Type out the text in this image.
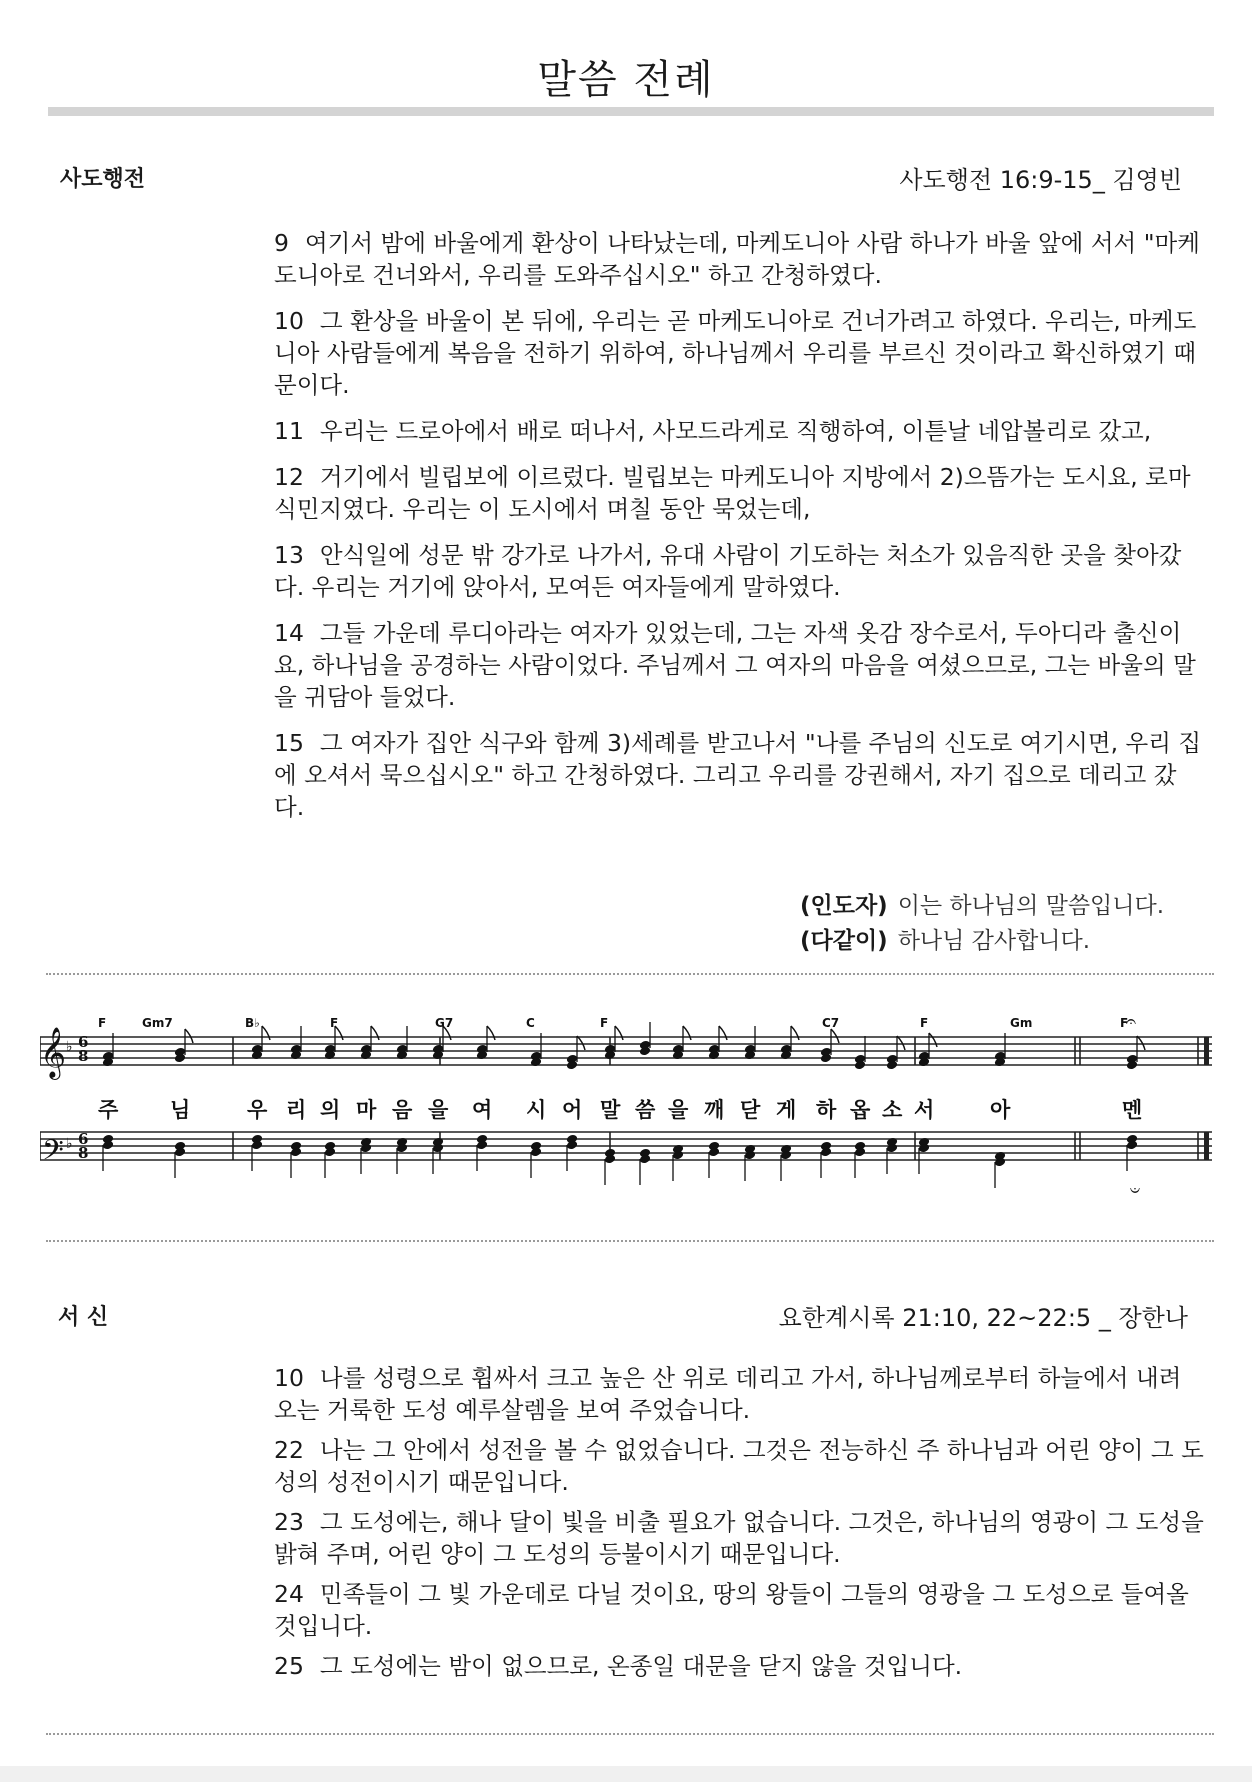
말씀 전례
사도행전	사도행전 16:9-15_ 김영빈

9 여기서 밤에 바울에게 환상이 나타났는데, 마케도니아 사람 하나가 바울 앞에 서서 "마케도니아로 건너와서, 우리를 도와주십시오" 하고 간청하였다.

10 그 환상을 바울이 본 뒤에, 우리는 곧 마케도니아로 건너가려고 하였다. 우리는, 마케도니아 사람들에게 복음을 전하기 위하여, 하나님께서 우리를 부르신 것이라고 확신하였기 때문이다.

11 우리는 드로아에서 배로 떠나서, 사모드라게로 직행하여, 이튿날 네압볼리로 갔고,

12 거기에서 빌립보에 이르렀다. 빌립보는 마케도니아 지방에서 2)으뜸가는 도시요, 로마 식민지였다. 우리는 이 도시에서 며칠 동안 묵었는데,

13 안식일에 성문 밖 강가로 나가서, 유대 사람이 기도하는 처소가 있음직한 곳을 찾아갔다. 우리는 거기에 앉아서, 모여든 여자들에게 말하였다.

14 그들 가운데 루디아라는 여자가 있었는데, 그는 자색 옷감 장수로서, 두아디라 출신이요, 하나님을 공경하는 사람이었다. 주님께서 그 여자의 마음을 여셨으므로, 그는 바울의 말을 귀담아 들었다.

15 그 여자가 집안 식구와 함께 3)세례를 받고나서 "나를 주님의 신도로 여기시면, 우리 집에 오셔서 묵으십시오" 하고 간청하였다. 그리고 우리를 강권해서, 자기 집으로 데리고 갔다.

(인도자) 이는 하나님의 말씀입니다.
(다같이) 하나님 감사합니다.
𝄞
𝄢
♭
♭
6
8
6
8
F	Gm7	B♭	F	G7	C	F	C7	F	Gm	F
주 님	우 리 의 마 음 을 여 시 어 말 씀 을 깨 닫 게 하 옵 소 서	아	멘
𝄐
𝄐
서 신	요한계시록 21:10, 22~22:5 _ 장한나

10 나를 성령으로 휩싸서 크고 높은 산 위로 데리고 가서, 하나님께로부터 하늘에서 내려오는 거룩한 도성 예루살렘을 보여 주었습니다.

22 나는 그 안에서 성전을 볼 수 없었습니다. 그것은 전능하신 주 하나님과 어린 양이 그 도성의 성전이시기 때문입니다.

23 그 도성에는, 해나 달이 빛을 비출 필요가 없습니다. 그것은, 하나님의 영광이 그 도성을 밝혀 주며, 어린 양이 그 도성의 등불이시기 때문입니다.

24 민족들이 그 빛 가운데로 다닐 것이요, 땅의 왕들이 그들의 영광을 그 도성으로 들여올 것입니다.

25 그 도성에는 밤이 없으므로, 온종일 대문을 닫지 않을 것입니다.
